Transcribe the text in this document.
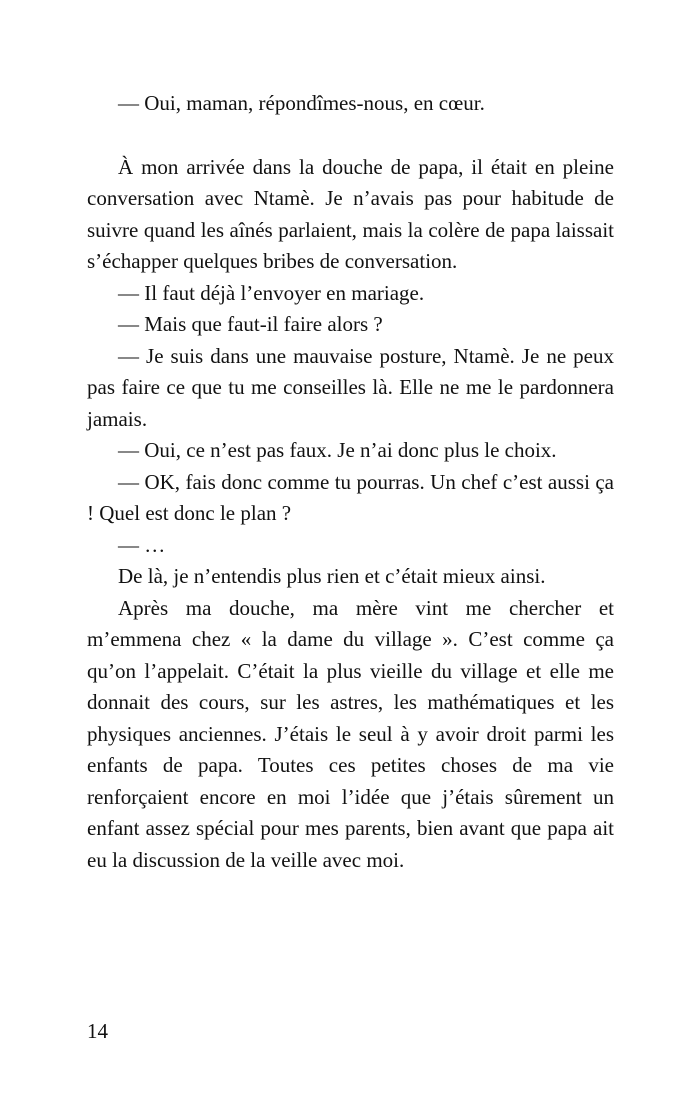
— Oui, maman, répondîmes-nous, en cœur.

À mon arrivée dans la douche de papa, il était en pleine conversation avec Ntamè. Je n’avais pas pour habitude de suivre quand les aînés parlaient, mais la colère de papa laissait s’échapper quelques bribes de conversation.

— Il faut déjà l’envoyer en mariage.

— Mais que faut-il faire alors ?

— Je suis dans une mauvaise posture, Ntamè. Je ne peux pas faire ce que tu me conseilles là. Elle ne me le pardonnera jamais.

— Oui, ce n’est pas faux. Je n’ai donc plus le choix.

— OK, fais donc comme tu pourras. Un chef c’est aussi ça ! Quel est donc le plan ?

— …

De là, je n’entendis plus rien et c’était mieux ainsi.

Après ma douche, ma mère vint me chercher et m’emmena chez « la dame du village ». C’est comme ça qu’on l’appelait. C’était la plus vieille du village et elle me donnait des cours, sur les astres, les mathématiques et les physiques anciennes. J’étais le seul à y avoir droit parmi les enfants de papa. Toutes ces petites choses de ma vie renforçaient encore en moi l’idée que j’étais sûrement un enfant assez spécial pour mes parents, bien avant que papa ait eu la discussion de la veille avec moi.

14
